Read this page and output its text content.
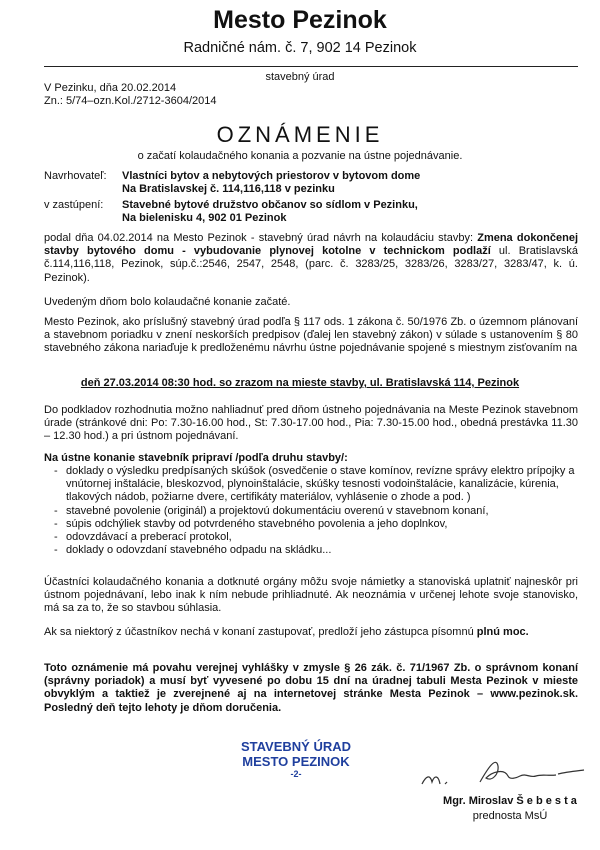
Mesto Pezinok
Radničné nám. č. 7, 902 14 Pezinok
stavebný úrad
V Pezinku, dňa 20.02.2014
Zn.: 5/74–ozn.Kol./2712-3604/2014
OZNÁMENIE
o začatí kolaudačného konania a pozvanie na ústne pojednávanie.
Navrhovateľ: Vlastníci bytov a nebytových priestorov v bytovom dome
Na Bratislavskej č. 114,116,118 v pezinku
v zastúpení: Stavebné bytové družstvo občanov so sídlom v Pezinku,
Na bielenisku 4, 902 01 Pezinok
podal dňa 04.02.2014 na Mesto Pezinok - stavebný úrad návrh na kolaudáciu stavby: Zmena dokončenej stavby bytového domu - vybudovanie plynovej kotolne v technickom podlaží ul. Bratislavská č.114,116,118, Pezinok, súp.č.:2546, 2547, 2548, (parc. č. 3283/25, 3283/26, 3283/27, 3283/47, k. ú. Pezinok).
Uvedeným dňom bolo kolaudačné konanie začaté.
Mesto Pezinok, ako príslušný stavebný úrad podľa § 117 ods. 1 zákona č. 50/1976 Zb. o územnom plánovaní a stavebnom poriadku v znení neskorších predpisov (ďalej len stavebný zákon) v súlade s ustanovením § 80 stavebného zákona nariaďuje k predloženému návrhu ústne pojednávanie spojené s miestnym zisťovaním na
deň 27.03.2014 08:30 hod. so zrazom na mieste stavby, ul. Bratislavská 114, Pezinok
Do podkladov rozhodnutia možno nahliadnuť pred dňom ústneho pojednávania na Meste Pezinok stavebnom úrade (stránkové dni: Po: 7.30-16.00 hod., St: 7.30-17.00 hod., Pia: 7.30-15.00 hod., obedná prestávka 11.30 – 12.30 hod.) a pri ústnom pojednávaní.
Na ústne konanie stavebník pripraví /podľa druhu stavby/:
- doklady o výsledku predpísaných skúšok (osvedčenie o stave komínov, revízne správy elektro prípojky a vnútornej inštalácie, bleskozvod, plynoinštalácie, skúšky tesnosti vodoinštalácie, kanalizácie, kúrenia, tlakových nádob, požiarne dvere, certifikáty materiálov, vyhlásenie o zhode a pod. )
- stavebné povolenie (originál) a projektovú dokumentáciu overenú v stavebnom konaní,
- súpis odchýliek stavby od potvrdeného stavebného povolenia a jeho doplnkov,
- odovzdávací a preberací protokol,
- doklady o odovzdaní stavebného odpadu na skládku...
Účastníci kolaudačného konania a dotknuté orgány môžu svoje námietky a stanoviská uplatniť najneskôr pri ústnom pojednávaní, lebo inak k ním nebude prihliadnuté. Ak neoznámia v určenej lehote svoje stanovisko, má sa za to, že so stavbou súhlasia.
Ak sa niektorý z účastníkov nechá v konaní zastupovať, predloží jeho zástupca písomnú plnú moc.
Toto oznámenie má povahu verejnej vyhlášky v zmysle § 26 zák. č. 71/1967 Zb. o správnom konaní (správny poriadok) a musí byť vyvesené po dobu 15 dní na úradnej tabuli Mesta Pezinok v mieste obvyklým a taktiež je zverejnené aj na internetovej stránke Mesta Pezinok – www.pezinok.sk. Posledný deň tejto lehoty je dňom doručenia.
STAVEBNÝ ÚRAD
MESTO PEZINOK
-2-
Mgr. Miroslav Š e b e s t a
prednosta MsÚ
